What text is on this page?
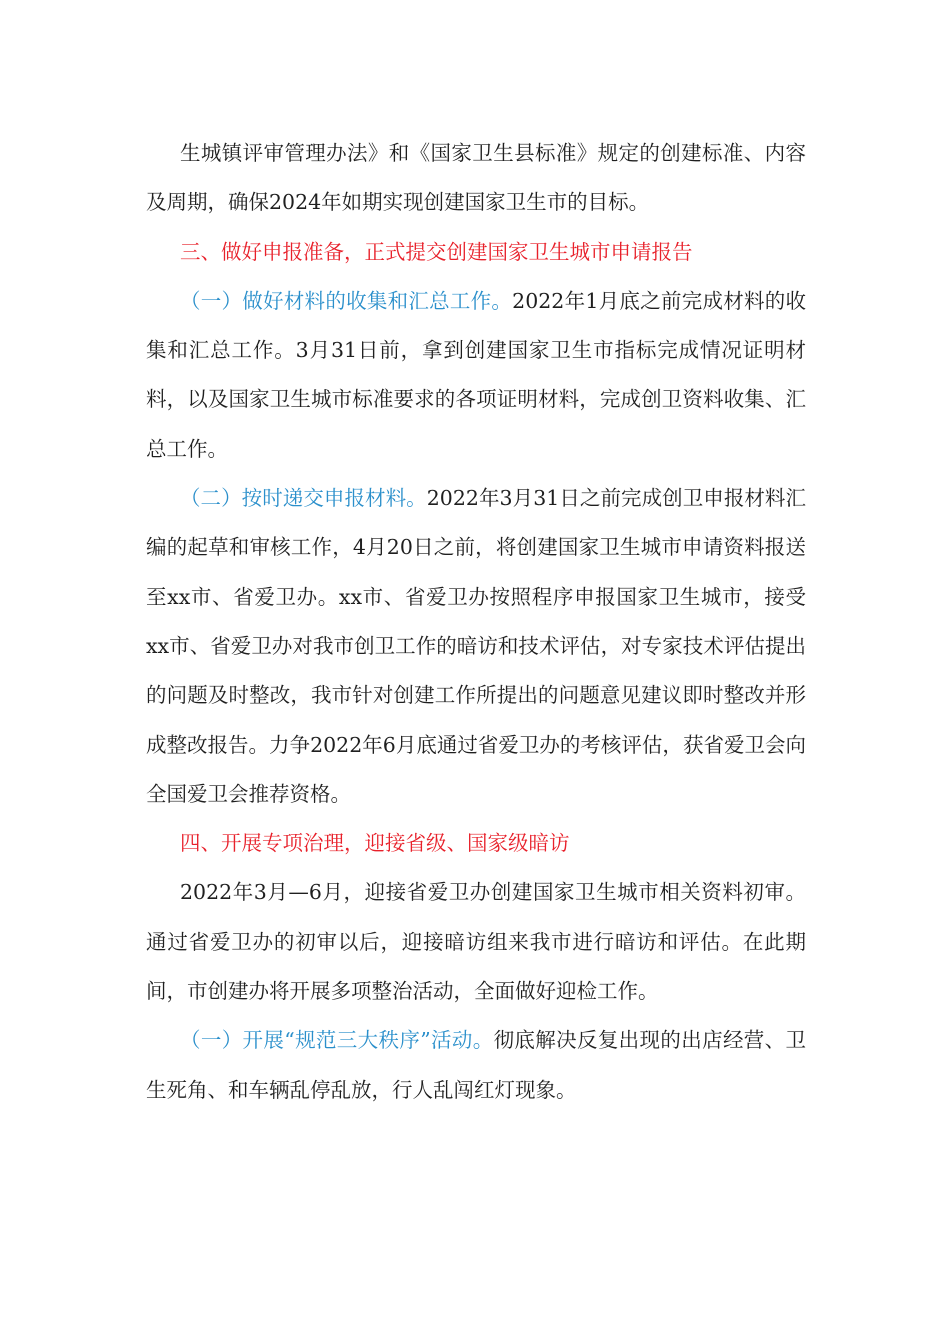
生城镇评审管理办法》和《国家卫生县标准》规定的创建标准、内容及周期，确保2024年如期实现创建国家卫生市的目标。

三、做好申报准备，正式提交创建国家卫生城市申请报告

（一）做好材料的收集和汇总工作。2022年1月底之前完成材料的收集和汇总工作。3月31日前，拿到创建国家卫生市指标完成情况证明材料，以及国家卫生城市标准要求的各项证明材料，完成创卫资料收集、汇总工作。

（二）按时递交申报材料。2022年3月31日之前完成创卫申报材料汇编的起草和审核工作，4月20日之前，将创建国家卫生城市申请资料报送至xx市、省爱卫办。xx市、省爱卫办按照程序申报国家卫生城市，接受xx市、省爱卫办对我市创卫工作的暗访和技术评估，对专家技术评估提出的问题及时整改，我市针对创建工作所提出的问题意见建议即时整改并形成整改报告。力争2022年6月底通过省爱卫办的考核评估，获省爱卫会向全国爱卫会推荐资格。

四、开展专项治理，迎接省级、国家级暗访

2022年3月—6月，迎接省爱卫办创建国家卫生城市相关资料初审。通过省爱卫办的初审以后，迎接暗访组来我市进行暗访和评估。在此期间，市创建办将开展多项整治活动，全面做好迎检工作。

（一）开展“规范三大秩序”活动。彻底解决反复出现的出店经营、卫生死角、和车辆乱停乱放，行人乱闯红灯现象。
